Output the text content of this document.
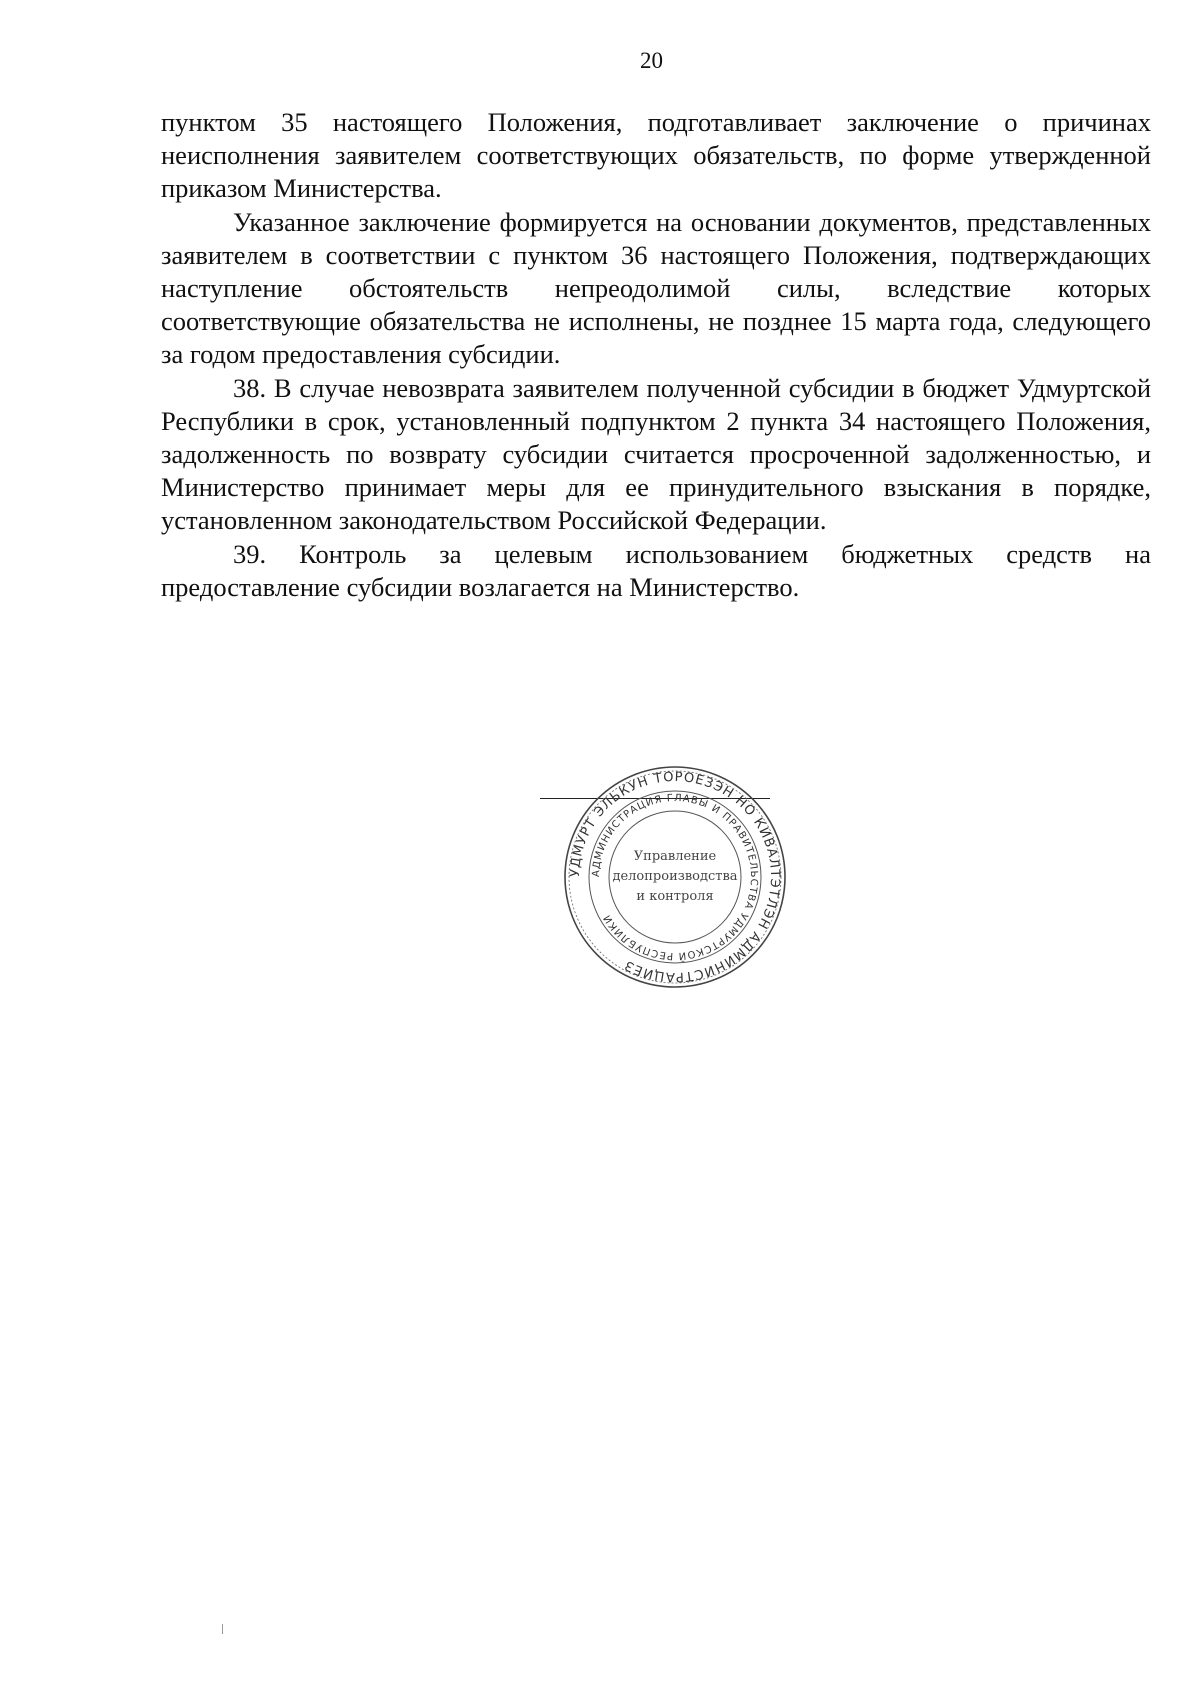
20

пунктом 35 настоящего Положения, подготавливает заключение о причинах неисполнения заявителем соответствующих обязательств, по форме утвержденной приказом Министерства.

Указанное заключение формируется на основании документов, представленных заявителем в соответствии с пунктом 36 настоящего Положения, подтверждающих наступление обстоятельств непреодолимой силы, вследствие которых соответствующие обязательства не исполнены, не позднее 15 марта года, следующего за годом предоставления субсидии.

38. В случае невозврата заявителем полученной субсидии в бюджет Удмуртской Республики в срок, установленный подпунктом 2 пункта 34 настоящего Положения, задолженность по возврату субсидии считается просроченной задолженностью, и Министерство принимает меры для ее принудительного взыскания в порядке, установленном законодательством Российской Федерации.

39. Контроль за целевым использованием бюджетных средств на предоставление субсидии возлагается на Министерство.

УДМУРТ ЭЛЬКУН ТОРОЕЗЭН НО КИВАЛТЭТЛЭН АДМИНИСТРАЦИЕЗ
АДМИНИСТРАЦИЯ ГЛАВЫ И ПРАВИТЕЛЬСТВА УДМУРТСКОЙ РЕСПУБЛИКИ
Управление
делопроизводства
и контроля
